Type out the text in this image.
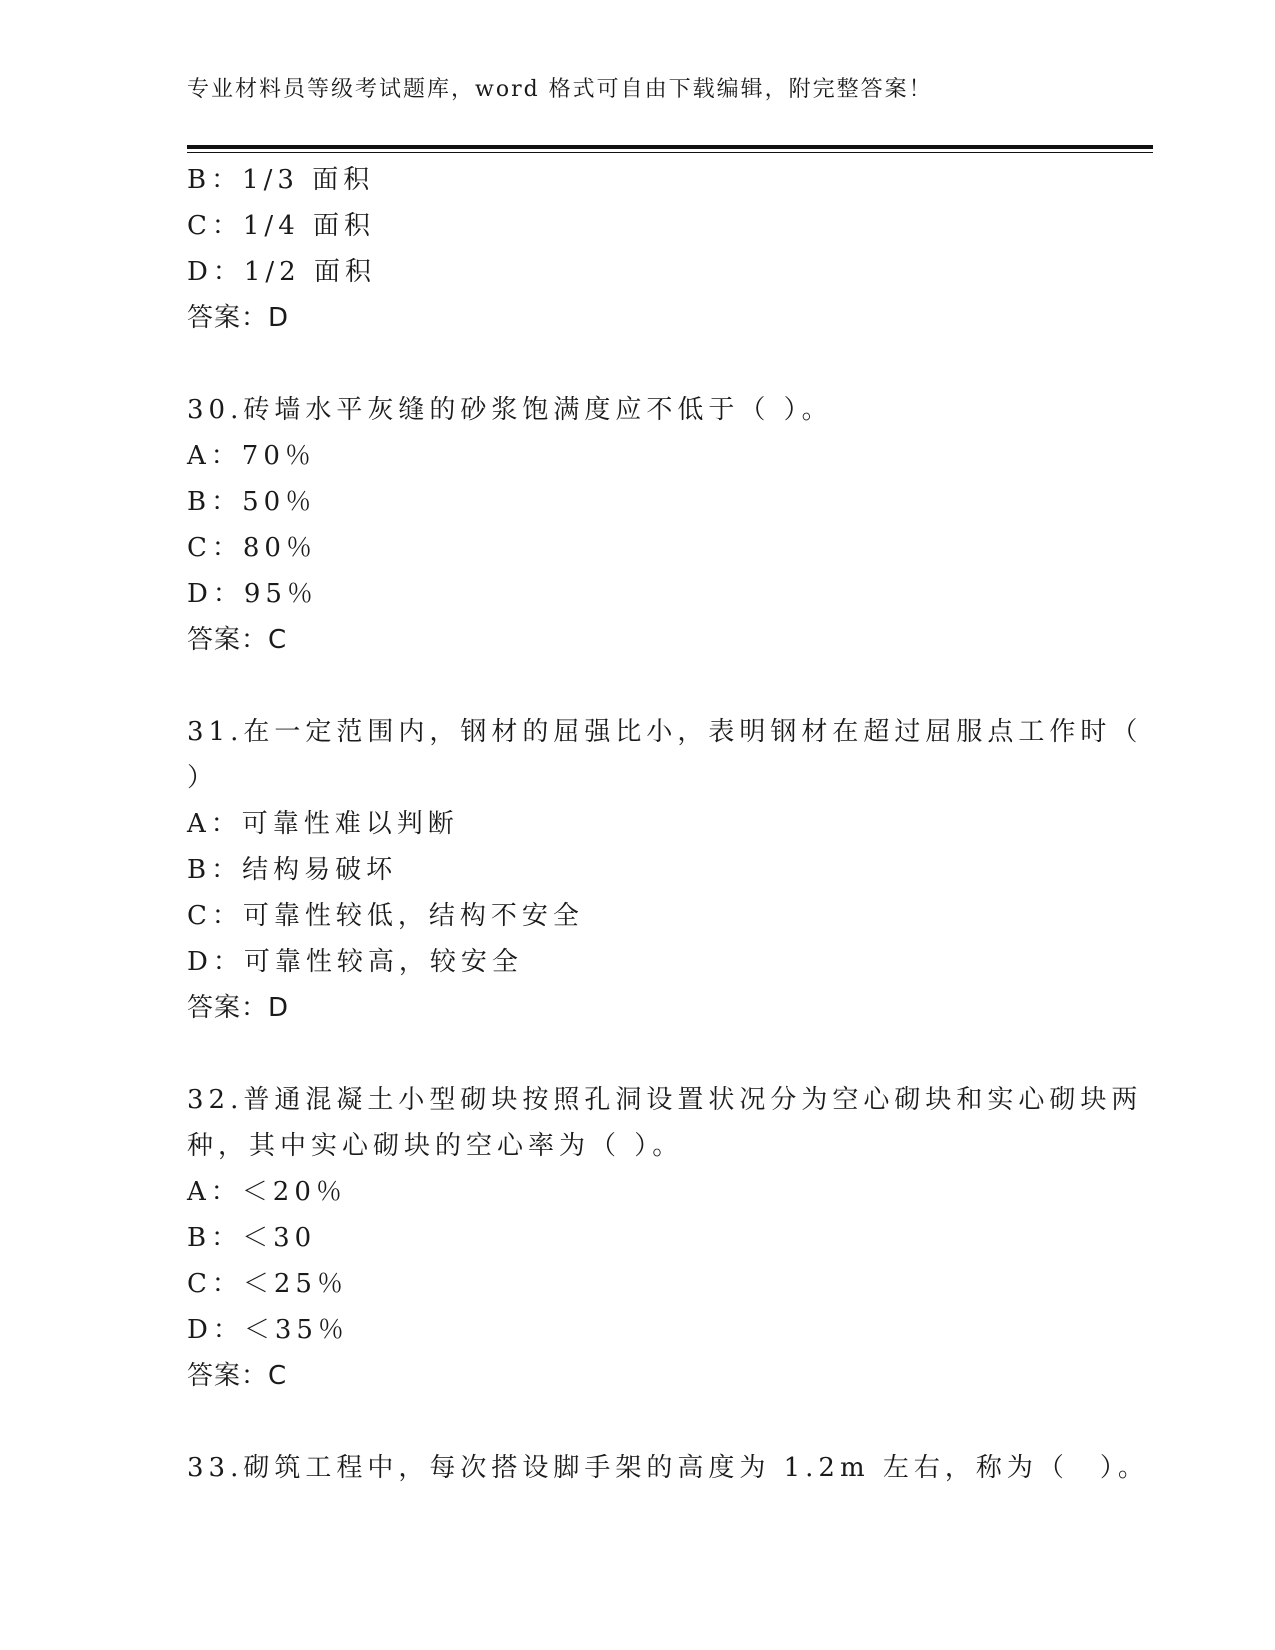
专业材料员等级考试题库，word 格式可自由下载编辑，附完整答案！
B：1/3 面积
C：1/4 面积
D：1/2 面积
答案：D
30.砖墙水平灰缝的砂浆饱满度应不低于（ ）。
A：70％
B：50％
C：80％
D：95％
答案：C
31.在一定范围内，钢材的屈强比小，表明钢材在超过屈服点工作时（
）
A：可靠性难以判断
B：结构易破坏
C：可靠性较低，结构不安全
D：可靠性较高，较安全
答案：D
32.普通混凝土小型砌块按照孔洞设置状况分为空心砌块和实心砌块两
种，其中实心砌块的空心率为（ ）。
A：＜20％
B：＜30
C：＜25％
D：＜35％
答案：C
33.砌筑工程中，每次搭设脚手架的高度为 1.2m 左右，称为（　）。
